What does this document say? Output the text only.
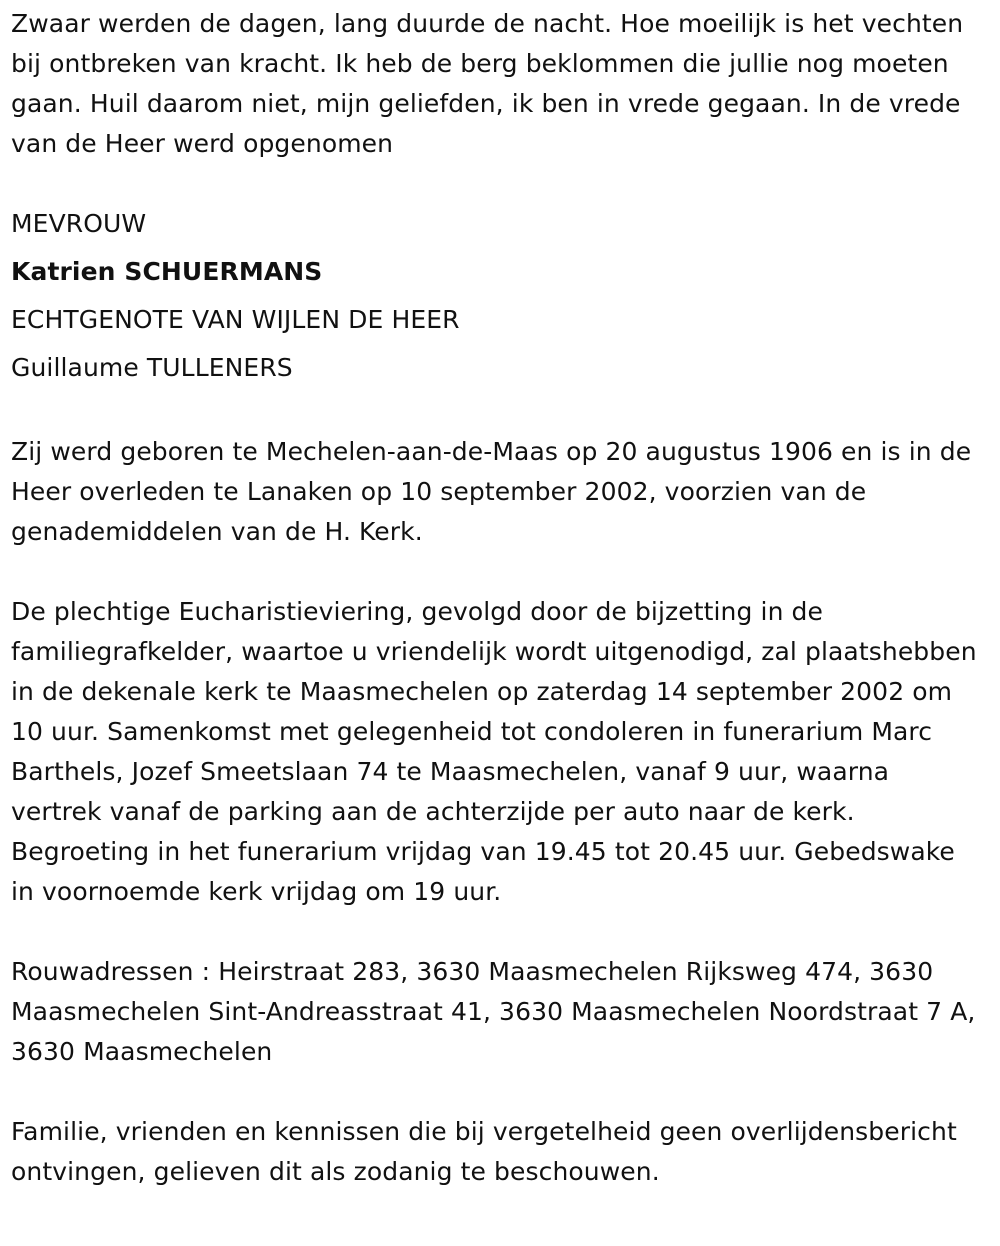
Zwaar werden de dagen, lang duurde de nacht. Hoe moeilijk is het vechten bij ontbreken van kracht. Ik heb de berg beklommen die jullie nog moeten gaan. Huil daarom niet, mijn geliefden, ik ben in vrede gegaan. In de vrede van de Heer werd opgenomen

MEVROUW

Katrien SCHUERMANS

ECHTGENOTE VAN WIJLEN DE HEER

Guillaume TULLENERS

Zij werd geboren te Mechelen-aan-de-Maas op 20 augustus 1906 en is in de Heer overleden te Lanaken op 10 september 2002, voorzien van de genademiddelen van de H. Kerk.

De plechtige Eucharistieviering, gevolgd door de bijzetting in de familiegrafkelder, waartoe u vriendelijk wordt uitgenodigd, zal plaatshebben in de dekenale kerk te Maasmechelen op zaterdag 14 september 2002 om 10 uur. Samenkomst met gelegenheid tot condoleren in funerarium Marc Barthels, Jozef Smeetslaan 74 te Maasmechelen, vanaf 9 uur, waarna vertrek vanaf de parking aan de achterzijde per auto naar de kerk. Begroeting in het funerarium vrijdag van 19.45 tot 20.45 uur. Gebedswake in voornoemde kerk vrijdag om 19 uur.

Rouwadressen : Heirstraat 283, 3630 Maasmechelen Rijksweg 474, 3630 Maasmechelen Sint-Andreasstraat 41, 3630 Maasmechelen Noordstraat 7 A, 3630 Maasmechelen

Familie, vrienden en kennissen die bij vergetelheid geen overlijdensbericht ontvingen, gelieven dit als zodanig te beschouwen.
